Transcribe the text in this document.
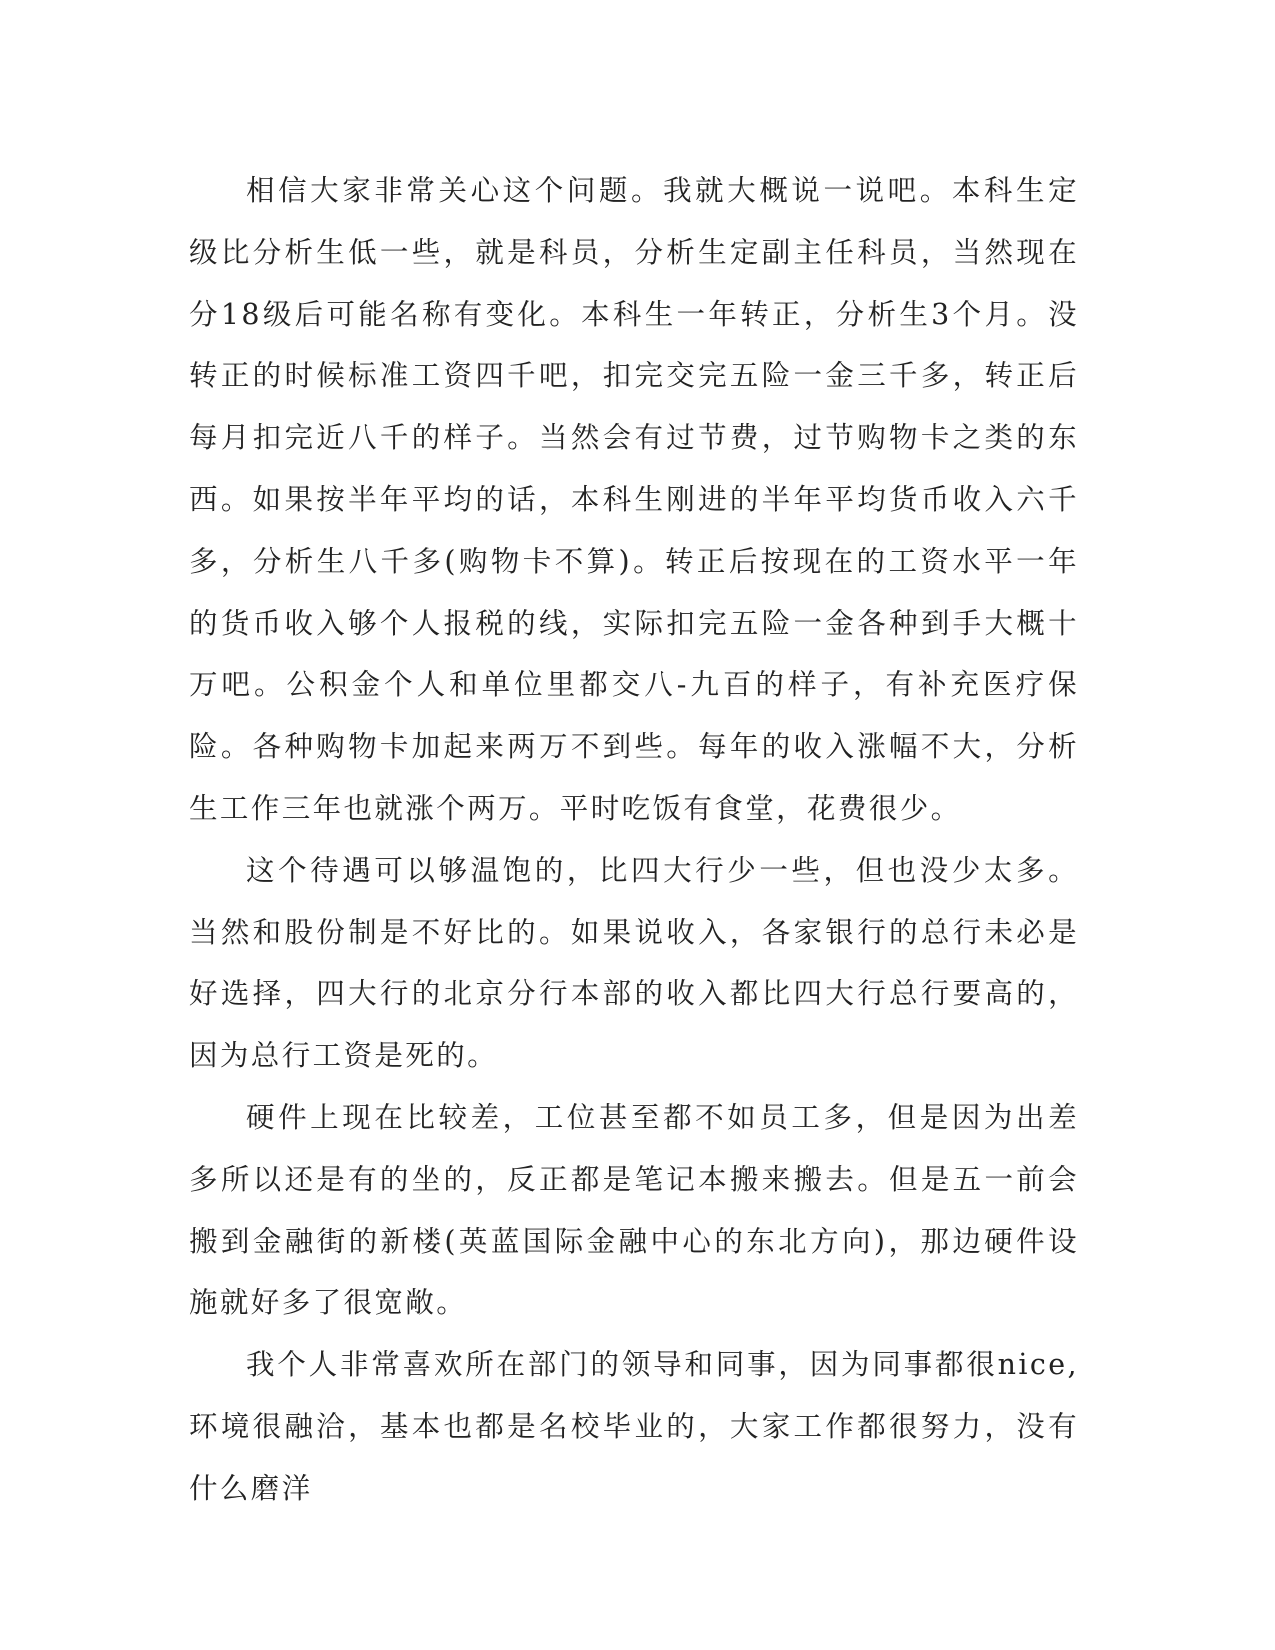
相信大家非常关心这个问题。我就大概说一说吧。本科生定级比分析生低一些，就是科员，分析生定副主任科员，当然现在分18级后可能名称有变化。本科生一年转正，分析生3个月。没转正的时候标准工资四千吧，扣完交完五险一金三千多，转正后每月扣完近八千的样子。当然会有过节费，过节购物卡之类的东西。如果按半年平均的话，本科生刚进的半年平均货币收入六千多，分析生八千多(购物卡不算)。转正后按现在的工资水平一年的货币收入够个人报税的线，实际扣完五险一金各种到手大概十万吧。公积金个人和单位里都交八-九百的样子，有补充医疗保险。各种购物卡加起来两万不到些。每年的收入涨幅不大，分析生工作三年也就涨个两万。平时吃饭有食堂，花费很少。

这个待遇可以够温饱的，比四大行少一些，但也没少太多。当然和股份制是不好比的。如果说收入，各家银行的总行未必是好选择，四大行的北京分行本部的收入都比四大行总行要高的，因为总行工资是死的。

硬件上现在比较差，工位甚至都不如员工多，但是因为出差多所以还是有的坐的，反正都是笔记本搬来搬去。但是五一前会搬到金融街的新楼(英蓝国际金融中心的东北方向)，那边硬件设施就好多了很宽敞。

我个人非常喜欢所在部门的领导和同事，因为同事都很nice,环境很融洽，基本也都是名校毕业的，大家工作都很努力，没有什么磨洋
